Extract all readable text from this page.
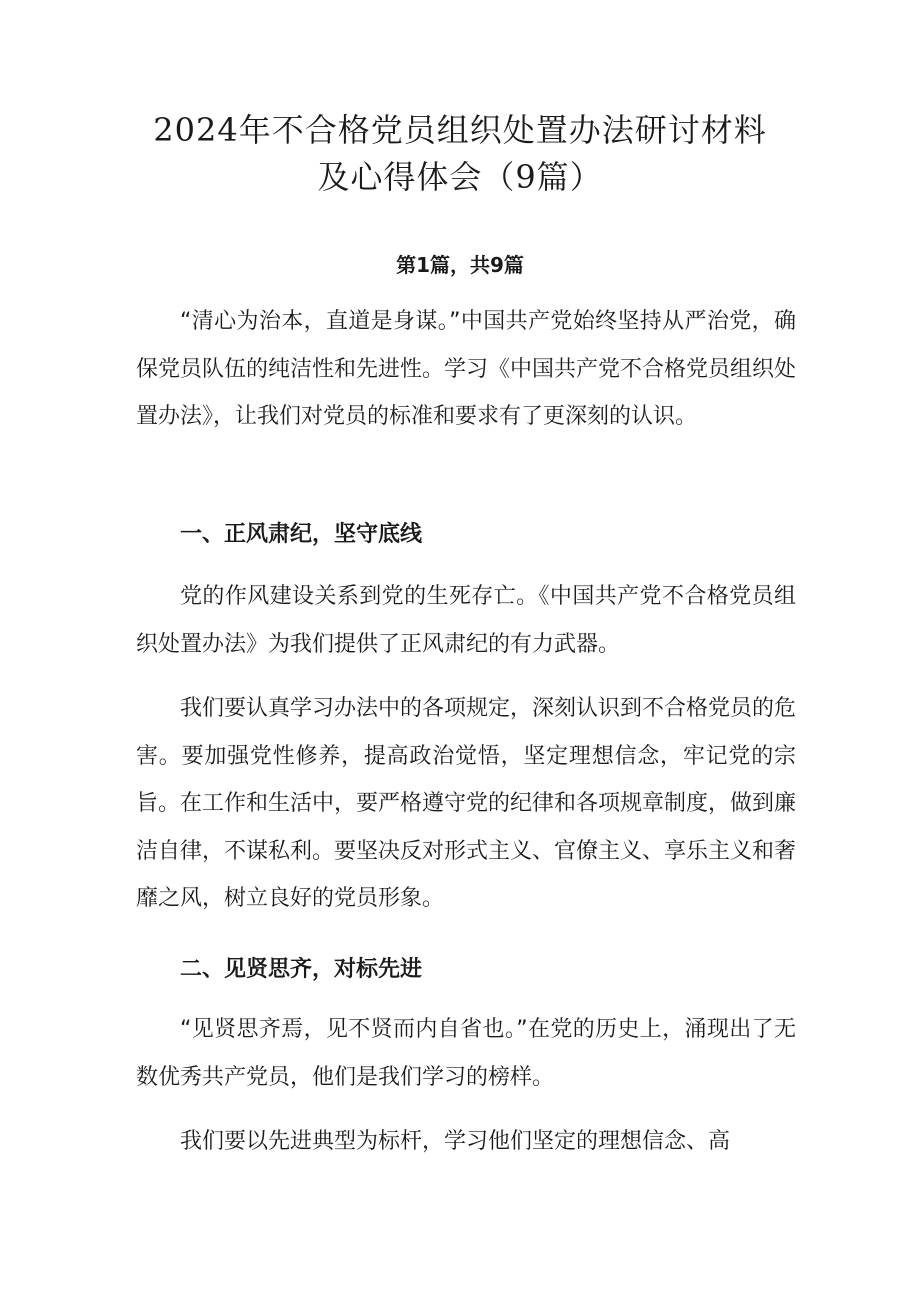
2024年不合格党员组织处置办法研讨材料
及心得体会（9篇）
第1篇，共9篇

“清心为治本，直道是身谋。”中国共产党始终坚持从严治党，确保党员队伍的纯洁性和先进性。学习《中国共产党不合格党员组织处置办法》，让我们对党员的标准和要求有了更深刻的认识。

一、正风肃纪，坚守底线

党的作风建设关系到党的生死存亡。《中国共产党不合格党员组织处置办法》为我们提供了正风肃纪的有力武器。

我们要认真学习办法中的各项规定，深刻认识到不合格党员的危害。要加强党性修养，提高政治觉悟，坚定理想信念，牢记党的宗旨。在工作和生活中，要严格遵守党的纪律和各项规章制度，做到廉洁自律，不谋私利。要坚决反对形式主义、官僚主义、享乐主义和奢靡之风，树立良好的党员形象。

二、见贤思齐，对标先进

“见贤思齐焉，见不贤而内自省也。”在党的历史上，涌现出了无数优秀共产党员，他们是我们学习的榜样。

我们要以先进典型为标杆，学习他们坚定的理想信念、高
